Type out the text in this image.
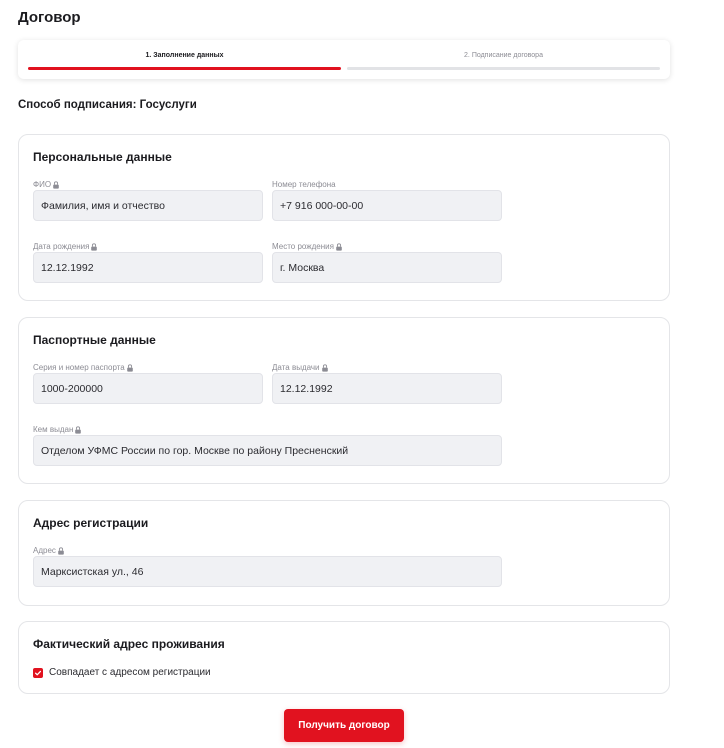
Договор
1. Заполнение данных	2. Подписание договора
Способ подписания: Госуслуги
Персональные данные
ФИО
Фамилия, имя и отчество
Номер телефона
+7 916 000-00-00
Дата рождения
12.12.1992
Место рождения
г. Москва
Паспортные данные
Серия и номер паспорта
1000-200000
Дата выдачи
12.12.1992
Кем выдан
Отделом УФМС России по гор. Москве по району Пресненский
Адрес регистрации
Адрес
Марксистская ул., 46
Фактический адрес проживания
Совпадает с адресом регистрации
Получить договор
